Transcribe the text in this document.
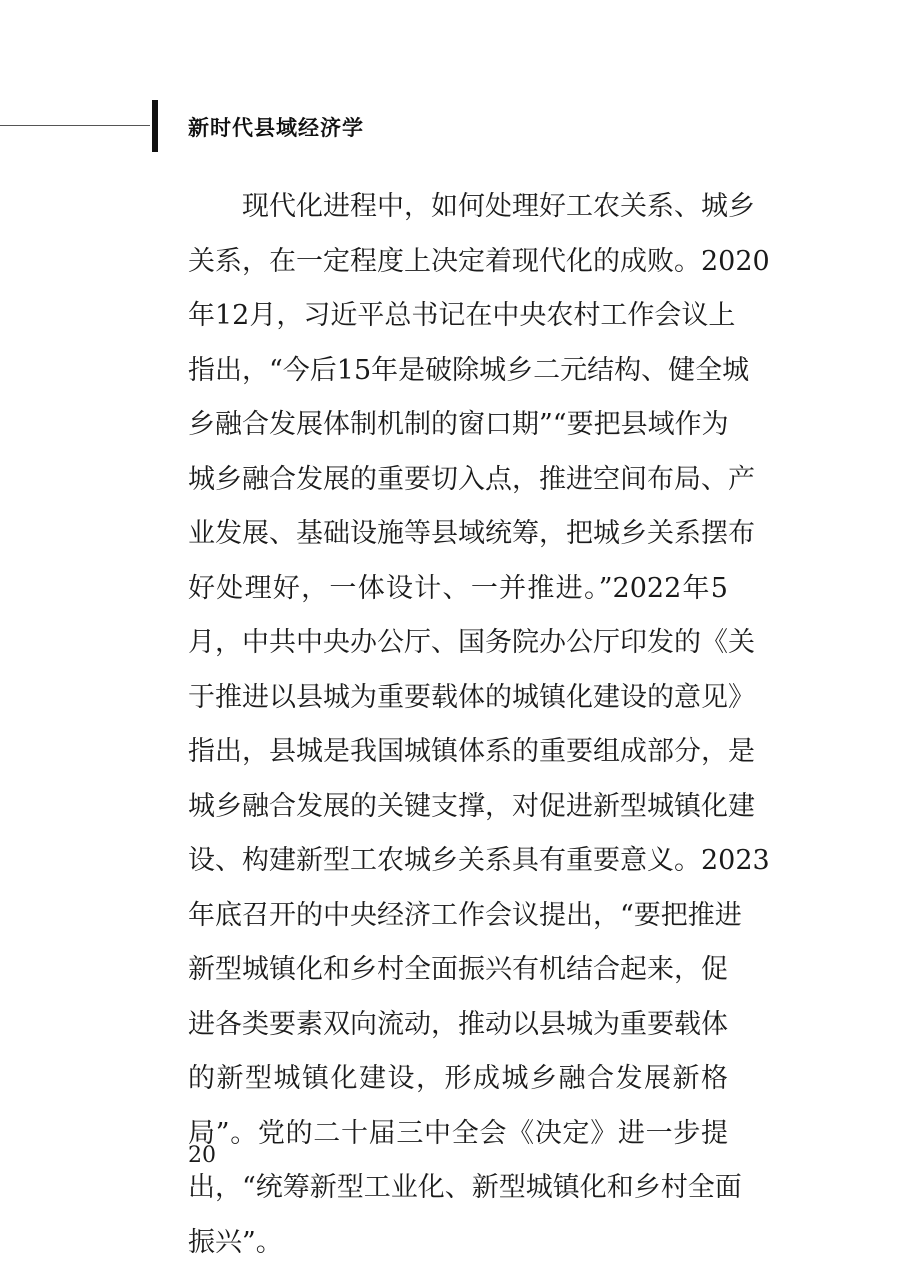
新时代县域经济学
现代化进程中，如何处理好工农关系、城乡
关系，在一定程度上决定着现代化的成败。2020
年12月，习近平总书记在中央农村工作会议上
指出，“今后15年是破除城乡二元结构、健全城
乡融合发展体制机制的窗口期”“要把县域作为
城乡融合发展的重要切入点，推进空间布局、产
业发展、基础设施等县域统筹，把城乡关系摆布
好处理好，一体设计、一并推进。”2022年5
月，中共中央办公厅、国务院办公厅印发的《关
于推进以县城为重要载体的城镇化建设的意见》
指出，县城是我国城镇体系的重要组成部分，是
城乡融合发展的关键支撑，对促进新型城镇化建
设、构建新型工农城乡关系具有重要意义。2023
年底召开的中央经济工作会议提出，“要把推进
新型城镇化和乡村全面振兴有机结合起来，促
进各类要素双向流动，推动以县城为重要载体
的新型城镇化建设，形成城乡融合发展新格
局”。党的二十届三中全会《决定》进一步提
出，“统筹新型工业化、新型城镇化和乡村全面
振兴”。
20
